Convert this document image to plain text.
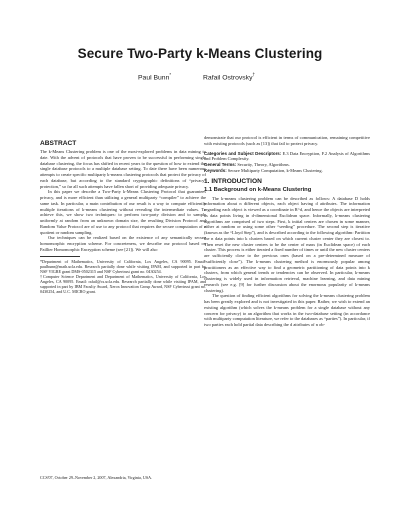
Secure Two-Party k-Means Clustering
Paul Bunn*	Rafail Ostrovsky†
ABSTRACT

The k-Means Clustering problem is one of the most-explored problems in data mining to date. With the advent of protocols that have proven to be successful in performing single database clustering, the focus has shifted in recent years to the question of how to extend the single database protocols to a multiple database setting. To date there have been numerous attempts to create specific multiparty k-means clustering protocols that protect the privacy of each database, but according to the standard cryptographic definitions of “privacy-protection,” so far all such attempts have fallen short of providing adequate privacy.

In this paper we describe a Two-Party k-Means Clustering Protocol that guarantees privacy, and is more efficient than utilizing a general multiparty “compiler” to achieve the same task. In particular, a main contribution of our result is a way to compute efficiently multiple iterations of k-means clustering without revealing the intermediate values. To achieve this, we show two techniques: to perform two-party division and to sample uniformly at random from an unknown domain size, the resulting Division Protocol and Random Value Protocol are of use to any protocol that requires the secure computation of a quotient or random sampling.

Our techniques can be realized based on the existence of any semantically secure homomorphic encryption scheme. For concreteness, we describe our protocol based on Paillier Homomorphic Encryption scheme (see [21]). We will also

*Department of Mathematics, University of California, Los Angeles, CA 90095. Email: paulbunn@math.ucla.edu. Research partially done while visiting IPAM, and supported in part by NSF VIGRE grant DMS-0502315 and NSF Cybertrust grant no. 0430254.

†Computer Science Department and Department of Mathematics, University of California, Los Angeles, CA 90095. Email: rafail@cs.ucla.edu. Research partially done while visiting IPAM, and supported in part by IBM Faculty Award, Xerox Innovation Group Award, NSF Cybertrust grant no. 0430254, and U.C. MICRO grant.

CCS'07, October 29–November 2, 2007, Alexandria, Virginia, USA.

demonstrate that our protocol is efficient in terms of communication, remaining competitive with existing protocols (such as [13]) that fail to protect privacy.

Categories and Subject Descriptors: E.3 Data Encryption, F.2 Analysis of Algorithms and Problem Complexity.

General Terms: Security, Theory, Algorithms.

Keywords: Secure Multiparty Computation, k-Means Clustering.

1. INTRODUCTION
1.1 Background on k-Means Clustering

The k-means clustering problem can be described as follows: A database D holds information about n different objects, each object having d attributes. The information regarding each object is viewed as a coordinate in R^d, and hence the objects are interpreted as data points living in d-dimensional Euclidean space. Informally, k-means clustering algorithms are comprised of two steps. First, k initial centers are chosen in some manner, either at random or using some other “seeding” procedure. The second step is iterative (known as the “Lloyd Step”), and is described according to the following algorithm: Partition the n data points into k clusters based on which current cluster center they are closest to. Then reset the new cluster centers to be the center of mass (in Euclidean space) of each cluster. This process is either iterated a fixed number of times or until the new cluster centers are sufficiently close to the previous ones (based on a pre-determined measure of “sufficiently close”). The k-means clustering method is enormously popular among practitioners as an effective way to find a geometric partitioning of data points into k clusters, from which general trends or tendencies can be observed. In particular, k-means clustering is widely used in information retrieval, machine learning, and data mining research (see e.g. [9] for further discussion about the enormous popularity of k-means clustering).

The question of finding efficient algorithms for solving the k-means clustering problem has been greatly explored and is not investigated in this paper. Rather, we wish to extend an existing algorithm (which solves the k-means problem for a single database without any concern for privacy) to an algorithm that works in the two-database setting (in accordance with multiparty computation literature, we refer to the databases as “parties”). In particular, if two parties each hold partial data describing the d attributes of n ob-
